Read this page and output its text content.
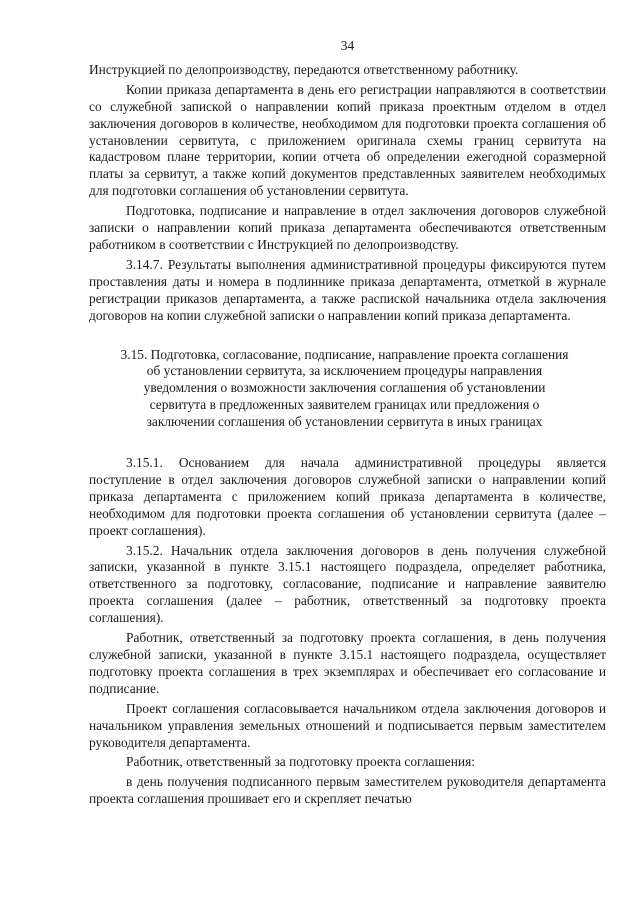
34

Инструкцией по делопроизводству, передаются ответственному работнику.

Копии приказа департамента в день его регистрации направляются в соответствии со служебной запиской о направлении копий приказа проектным отделом в отдел заключения договоров в количестве, необходимом для подготовки проекта соглашения об установлении сервитута, с приложением оригинала схемы границ сервитута на кадастровом плане территории, копии отчета об определении ежегодной соразмерной платы за сервитут, а также копий документов представленных заявителем необходимых для подготовки соглашения об установлении сервитута.

Подготовка, подписание и направление в отдел заключения договоров служебной записки о направлении копий приказа департамента обеспечиваются ответственным работником в соответствии с Инструкцией по делопроизводству.

3.14.7. Результаты выполнения административной процедуры фиксируются путем проставления даты и номера в подлиннике приказа департамента, отметкой в журнале регистрации приказов департамента, а также распиской начальника отдела заключения договоров на копии служебной записки о направлении копий приказа департамента.

3.15. Подготовка, согласование, подписание, направление проекта соглашения

об установлении сервитута, за исключением процедуры направления

уведомления о возможности заключения соглашения об установлении

сервитута в предложенных заявителем границах или предложения о

заключении соглашения об установлении сервитута в иных границах

3.15.1. Основанием для начала административной процедуры является поступление в отдел заключения договоров служебной записки о направлении копий приказа департамента с приложением копий приказа департамента в количестве, необходимом для подготовки проекта соглашения об установлении сервитута (далее – проект соглашения).

3.15.2. Начальник отдела заключения договоров в день получения служебной записки, указанной в пункте 3.15.1 настоящего подраздела, определяет работника, ответственного за подготовку, согласование, подписание и направление заявителю проекта соглашения (далее – работник, ответственный за подготовку проекта соглашения).

Работник, ответственный за подготовку проекта соглашения, в день получения служебной записки, указанной в пункте 3.15.1 настоящего подраздела, осуществляет подготовку проекта соглашения в трех экземплярах и обеспечивает его согласование и подписание.

Проект соглашения согласовывается начальником отдела заключения договоров и начальником управления земельных отношений и подписывается первым заместителем руководителя департамента.

Работник, ответственный за подготовку проекта соглашения:

в день получения подписанного первым заместителем руководителя департамента проекта соглашения прошивает его и скрепляет печатью
